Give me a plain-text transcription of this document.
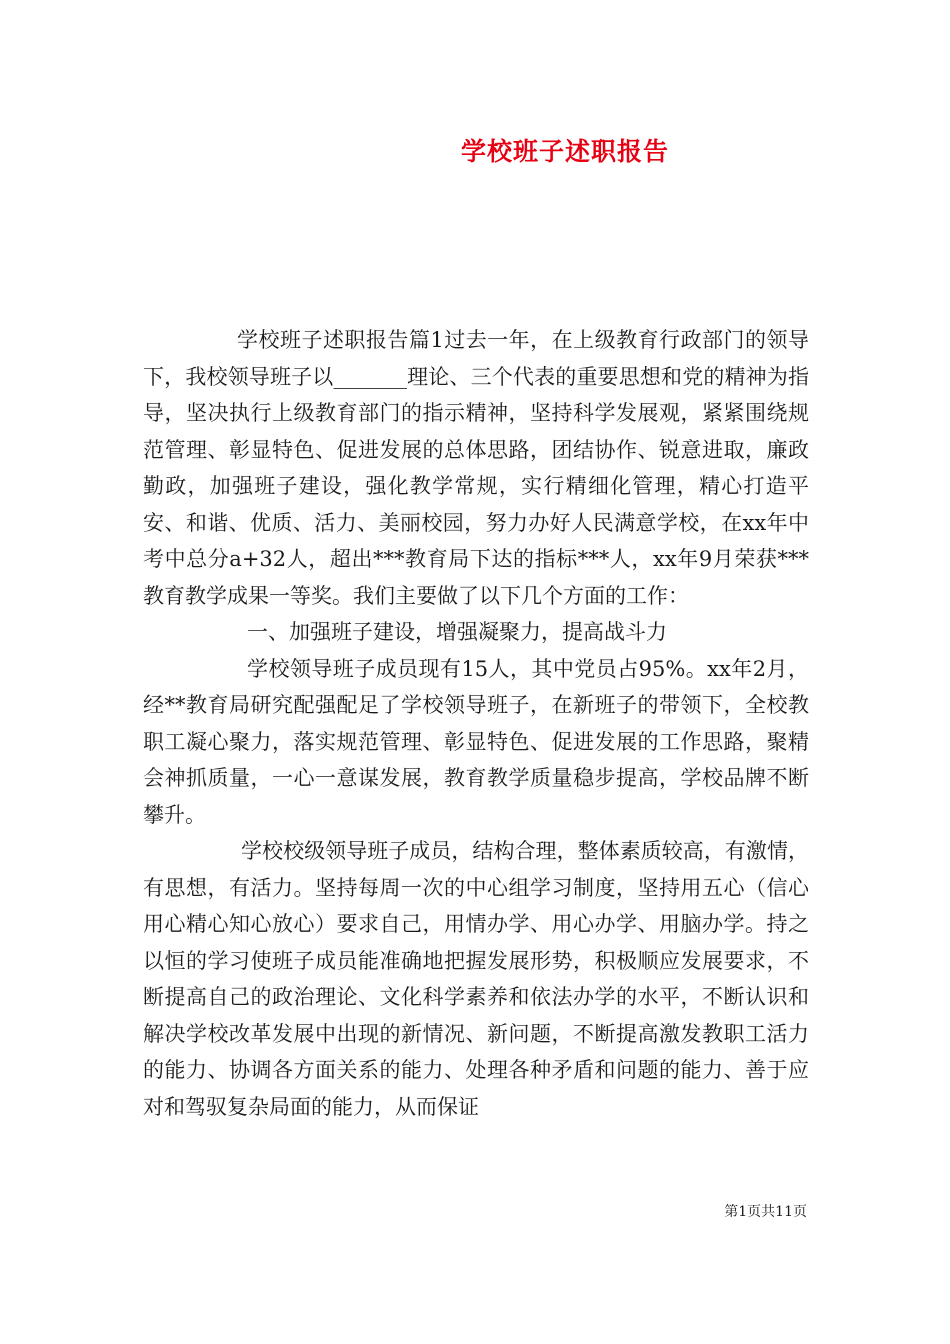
学校班子述职报告

学校班子述职报告篇1过去一年，在上级教育行政部门的领导下，我校领导班子以_______理论、三个代表的重要思想和党的精神为指导，坚决执行上级教育部门的指示精神，坚持科学发展观，紧紧围绕规范管理、彰显特色、促进发展的总体思路，团结协作、锐意进取，廉政勤政，加强班子建设，强化教学常规，实行精细化管理，精心打造平安、和谐、优质、活力、美丽校园，努力办好人民满意学校，在xx年中考中总分a+32人，超出***教育局下达的指标***人，xx年9月荣获***教育教学成果一等奖。我们主要做了以下几个方面的工作：

一、加强班子建设，增强凝聚力，提高战斗力

学校领导班子成员现有15人，其中党员占95%。xx年2月，经**教育局研究配强配足了学校领导班子，在新班子的带领下，全校教职工凝心聚力，落实规范管理、彰显特色、促进发展的工作思路，聚精会神抓质量，一心一意谋发展，教育教学质量稳步提高，学校品牌不断攀升。

学校校级领导班子成员，结构合理，整体素质较高，有激情，有思想，有活力。坚持每周一次的中心组学习制度，坚持用五心（信心用心精心知心放心）要求自己，用情办学、用心办学、用脑办学。持之以恒的学习使班子成员能准确地把握发展形势，积极顺应发展要求，不断提高自己的政治理论、文化科学素养和依法办学的水平，不断认识和解决学校改革发展中出现的新情况、新问题，不断提高激发教职工活力的能力、协调各方面关系的能力、处理各种矛盾和问题的能力、善于应对和驾驭复杂局面的能力，从而保证

第1页共11页
